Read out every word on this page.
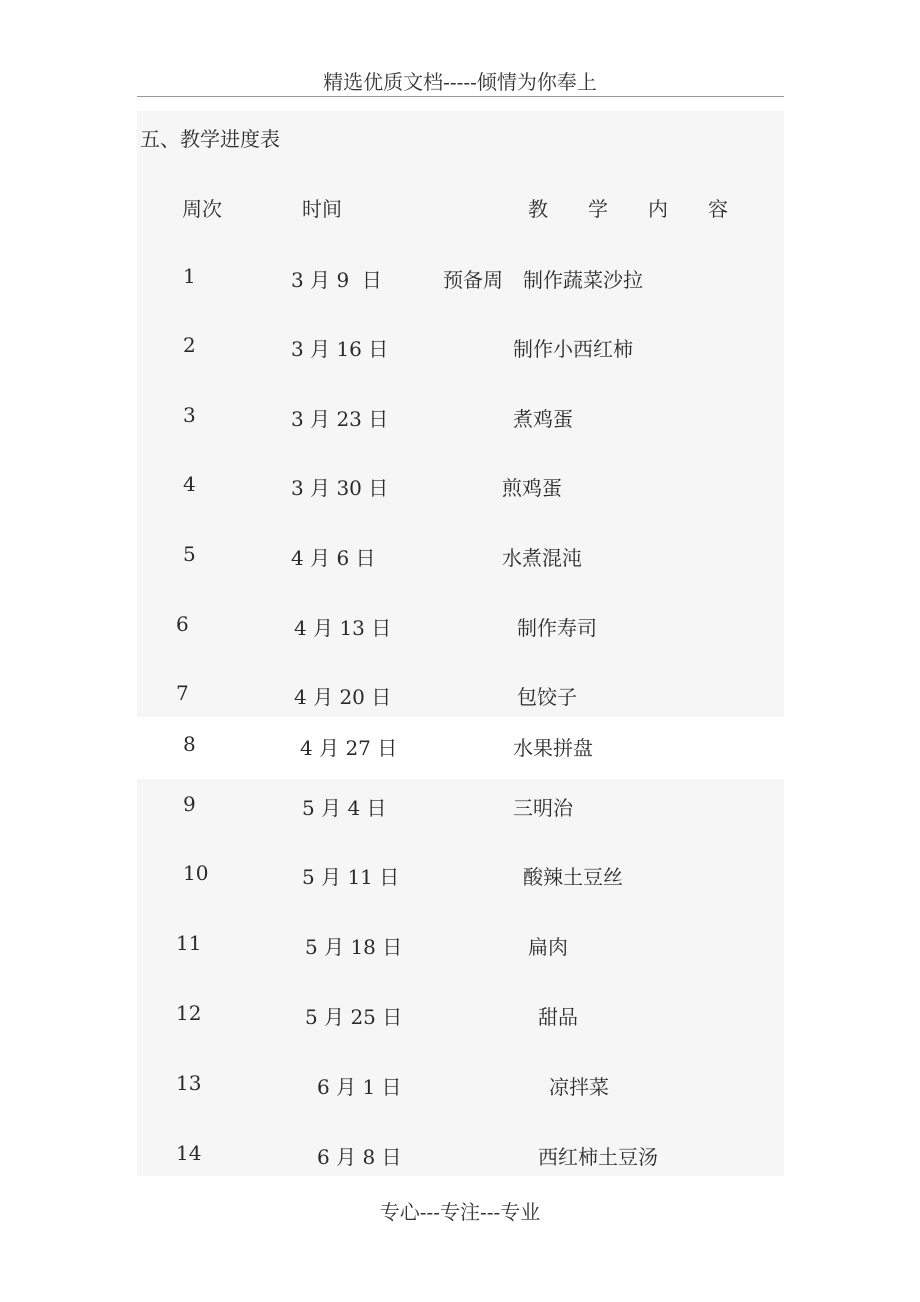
精选优质文档-----倾情为你奉上
五、教学进度表
周次	时间	教　　学　　内　　容
1	3 月 9  日	预备周　制作蔬菜沙拉
2	3 月 16 日	制作小西红柿
3	3 月 23 日	煮鸡蛋
4	3 月 30 日	煎鸡蛋
5	4 月 6 日	水煮混沌
6	4 月 13 日	制作寿司
7	4 月 20 日	包饺子
8	4 月 27 日	水果拼盘
9	5 月 4 日	三明治
10	5 月 11 日	酸辣土豆丝
11	5 月 18 日	扁肉
12	5 月 25 日	甜品
13	6 月 1 日	凉拌菜
14	6 月 8 日	西红柿土豆汤
专心---专注---专业
